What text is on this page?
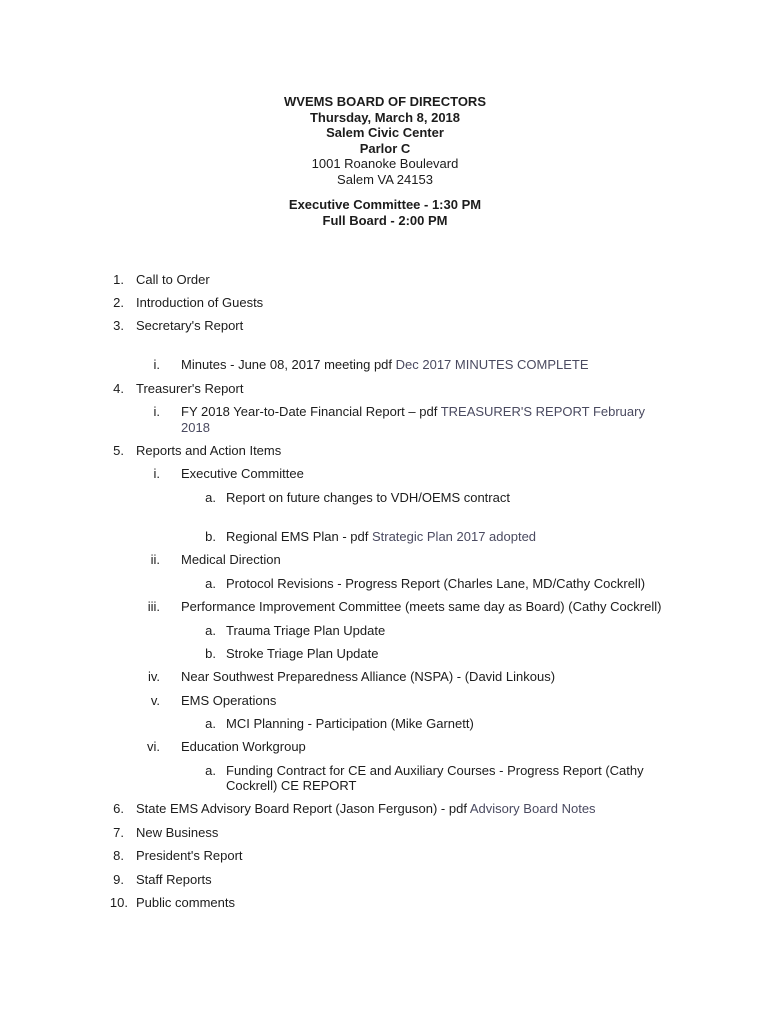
WVEMS BOARD OF DIRECTORS
Thursday, March 8, 2018
Salem Civic Center
Parlor C
1001 Roanoke Boulevard
Salem VA 24153
Executive Committee - 1:30 PM
Full Board - 2:00 PM
1. Call to Order
2. Introduction of Guests
3. Secretary's Report
i. Minutes - June 08, 2017 meeting pdf Dec 2017 MINUTES COMPLETE
4. Treasurer's Report
i. FY 2018 Year-to-Date Financial Report – pdf TREASURER'S REPORT February
2018
5. Reports and Action Items
i. Executive Committee
a. Report on future changes to VDH/OEMS contract
b. Regional EMS Plan - pdf Strategic Plan 2017 adopted
ii. Medical Direction
a. Protocol Revisions - Progress Report (Charles Lane, MD/Cathy Cockrell)
iii. Performance Improvement Committee (meets same day as Board) (Cathy Cockrell)
a. Trauma Triage Plan Update
b. Stroke Triage Plan Update
iv. Near Southwest Preparedness Alliance (NSPA) - (David Linkous)
v. EMS Operations
a. MCI Planning - Participation (Mike Garnett)
vi. Education Workgroup
a. Funding Contract for CE and Auxiliary Courses - Progress Report (Cathy
Cockrell) CE REPORT
6. State EMS Advisory Board Report (Jason Ferguson) - pdf Advisory Board Notes
7. New Business
8. President's Report
9. Staff Reports
10. Public comments
